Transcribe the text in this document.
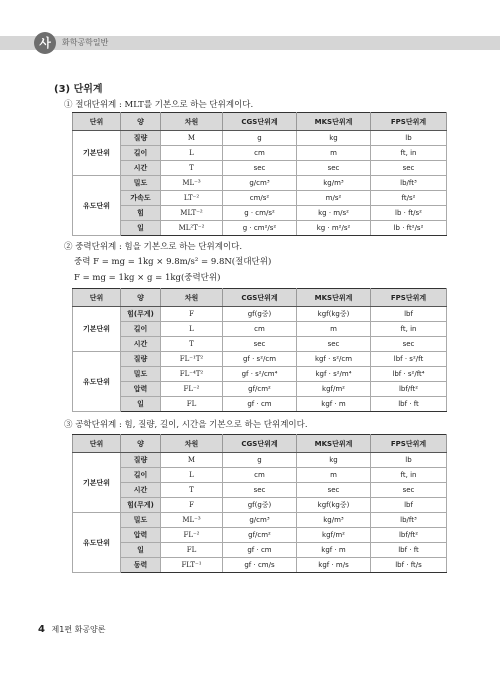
사	화학공학일반
(3) 단위계
① 절대단위계 : MLT를 기본으로 하는 단위계이다.
단위	양	차원	CGS단위계	MKS단위계	FPS단위계
기본단위	질량	M	g	kg	lb
	길이	L	cm	m	ft, in
	시간	T	sec	sec	sec
유도단위	밀도	ML⁻³	g/cm³	kg/m³	lb/ft³
	가속도	LT⁻²	cm/s²	m/s²	ft/s²
	힘	MLT⁻²	g · cm/s²	kg · m/s²	lb · ft/s²
	일	ML²T⁻²	g · cm²/s²	kg · m²/s²	lb · ft²/s²
② 중력단위계 : 힘을 기본으로 하는 단위계이다.
중력 F = mg = 1kg × 9.8m/s² = 9.8N(절대단위)
F = mg = 1kg × g = 1kg(중력단위)
단위	양	차원	CGS단위계	MKS단위계	FPS단위계
기본단위	힘(무게)	F	gf(g중)	kgf(kg중)	lbf
	길이	L	cm	m	ft, in
	시간	T	sec	sec	sec
유도단위	질량	FL⁻¹T²	gf · s²/cm	kgf · s²/cm	lbf · s²/ft
	밀도	FL⁻⁴T²	gf · s²/cm⁴	kgf · s²/m⁴	lbf · s²/ft⁴
	압력	FL⁻²	gf/cm²	kgf/m²	lbf/ft²
	일	FL	gf · cm	kgf · m	lbf · ft
③ 공학단위계 : 힘, 질량, 길이, 시간을 기본으로 하는 단위계이다.
단위	양	차원	CGS단위계	MKS단위계	FPS단위계
기본단위	질량	M	g	kg	lb
	길이	L	cm	m	ft, in
	시간	T	sec	sec	sec
	힘(무게)	F	gf(g중)	kgf(kg중)	lbf
유도단위	밀도	ML⁻³	g/cm³	kg/m³	lb/ft³
	압력	FL⁻²	gf/cm²	kgf/m²	lbf/ft²
	일	FL	gf · cm	kgf · m	lbf · ft
	동력	FLT⁻¹	gf · cm/s	kgf · m/s	lbf · ft/s
4 제1편 화공양론
